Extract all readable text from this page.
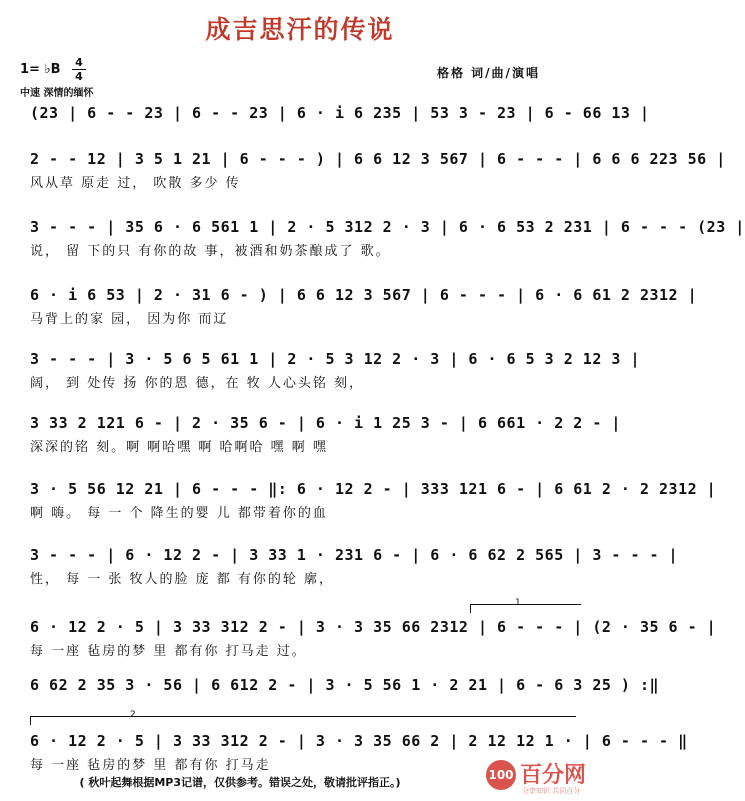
成吉思汗的传说
1= ♭B 4
4
中速 深情的缅怀
格格 词/曲/演唱
(23 | 6 - - 23 | 6 - - 23 | 6 · i 6 235 | 53 3 - 23 | 6 - 66 13 |
2 - - 12 | 3 5 1 21 | 6 - - - ) | 6 6 12 3 567 | 6 - - - | 6 6 6 223 56 |
风从草 原走 过， 吹散 多少 传
3 - - - | 35 6 · 6 561 1 | 2 · 5 312 2 · 3 | 6 · 6 53 2 231 | 6 - - - (23 |
说， 留 下的只 有你的故 事，被酒和奶茶酿成了 歌。
6 · i 6 53 | 2 · 31 6 - ) | 6 6 12 3 567 | 6 - - - | 6 · 6 61 2 2312 |
马背上的家 园， 因为你 而辽
3 - - - | 3 · 5 6 5 61 1 | 2 · 5 3 12 2 · 3 | 6 · 6 5 3 2 12 3 |
阔， 到 处传 扬 你的恩 德，在 牧 人心头铭 刻，
3 33 2 121 6 - | 2 · 35 6 - | 6 · i 1 25 3 - | 6 661 · 2 2 - |
深深的铭 刻。啊 啊哈嘿 啊 哈啊哈 嘿 啊 嘿
3 · 5 56 12 21 | 6 - - - ‖: 6 · 12 2 - | 333 121 6 - | 6 61 2 · 2 2312 |
啊 嗨。 每 一 个 降生的婴 儿 都带着你的血
3 - - - | 6 · 12 2 - | 3 33 1 · 231 6 - | 6 · 6 62 2 565 | 3 - - - |
性， 每 一 张 牧人的脸 庞 都 有你的轮 廓，
1.
6 · 12 2 · 5 | 3 33 312 2 - | 3 · 3 35 66 2312 | 6 - - - | (2 · 35 6 - |
每 一座 毡房的梦 里 都有你 打马走 过。
6 62 2 35 3 · 56 | 6 612 2 - | 3 · 5 56 1 · 2 21 | 6 - 6 3 25 ) :‖
2.
6 · 12 2 · 5 | 3 33 312 2 - | 3 · 3 35 66 2 | 2 12 12 1 · | 6 - - - ‖
每 一座 毡房的梦 里 都有你 打马走
( 秋叶起舞根据MP3记谱，仅供参考。错误之处，敬请批评指正。)
100 百分网
分享知识 共同百分
